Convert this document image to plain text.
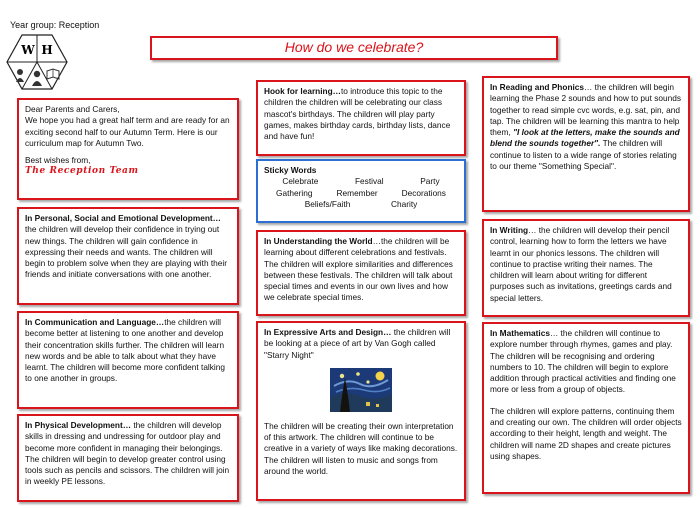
Year group: Reception
W H	How do we celebrate?

Dear Parents and Carers,

We hope you had a great half term and are ready for an exciting second half to our Autumn Term. Here is our curriculum map for Autumn Two.

Best wishes from,

The Reception Team

In Personal, Social and Emotional Development… the children will develop their confidence in trying out new things. The children will gain confidence in expressing their needs and wants. The children will begin to problem solve when they are playing with their friends and initiate conversations with one another.

In Communication and Language…the children will become better at listening to one another and develop their concentration skills further. The children will learn new words and be able to talk about what they have learnt. The children will become more confident talking to one another in groups.

In Physical Development… the children will develop skills in dressing and undressing for outdoor play and become more confident in managing their belongings. The children will begin to develop greater control using tools such as pencils and scissors. The children will join in weekly PE lessons.

Hook for learning…to introduce this topic to the children the children will be celebrating our class mascot's birthdays. The children will play party games, makes birthday cards, birthday lists, dance and have fun!

Sticky Words

Celebrate	Festival	Party
Gathering	Remember	Decorations
Beliefs/Faith	Charity

In Understanding the World…the children will be learning about different celebrations and festivals. The children will explore similarities and differences between these festivals. The children will talk about special times and events in our own lives and how we celebrate special times.

In Expressive Arts and Design… the children will be looking at a piece of art by Van Gogh called "Starry Night"

The children will be creating their own interpretation of this artwork. The children will continue to be creative in a variety of ways like making decorations. The children will listen to music and songs from around the world.

In Reading and Phonics… the children will begin learning the Phase 2 sounds and how to put sounds together to read simple cvc words, e.g. sat, pin, and tap. The children will be learning this mantra to help them, "I look at the letters, make the sounds and blend the sounds together". The children will continue to listen to a wide range of stories relating to our theme "Something Special".

In Writing… the children will develop their pencil control, learning how to form the letters we have learnt in our phonics lessons. The children will continue to practise writing their names. The children will learn about writing for different purposes such as invitations, greetings cards and special letters.

In Mathematics… the children will continue to explore number through rhymes, games and play. The children will be recognising and ordering numbers to 10. The children will begin to explore addition through practical activities and finding one more or less from a group of objects.

The children will explore patterns, continuing them and creating our own. The children will order objects according to their height, length and weight. The children will name 2D shapes and create pictures using shapes.
